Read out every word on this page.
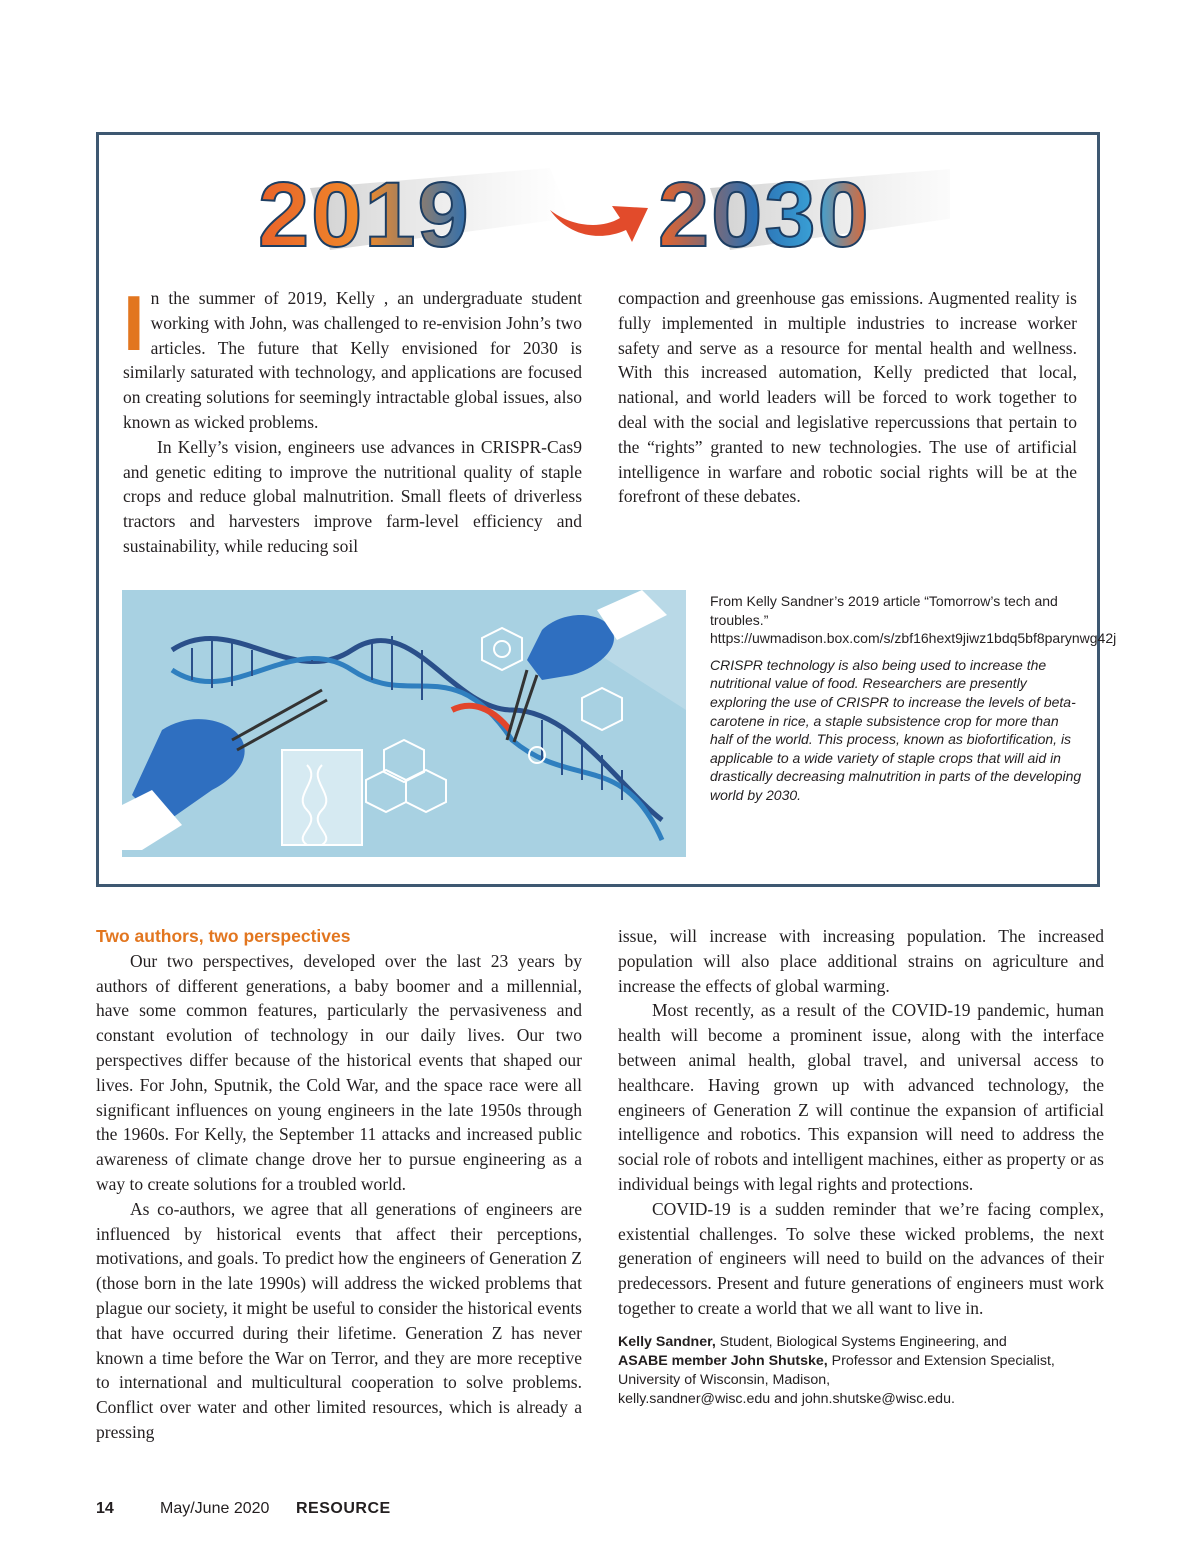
2019 2030

In the summer of 2019, Kelly , an undergraduate student working with John, was challenged to re-envision John’s two articles. The future that Kelly envisioned for 2030 is similarly saturated with technology, and applications are focused on creating solutions for seemingly intractable global issues, also known as wicked problems.

In Kelly’s vision, engineers use advances in CRISPR-Cas9 and genetic editing to improve the nutritional quality of staple crops and reduce global malnutrition. Small fleets of driverless tractors and harvesters improve farm-level efficiency and sustainability, while reducing soil

compaction and greenhouse gas emissions. Augmented reality is fully implemented in multiple industries to increase worker safety and serve as a resource for mental health and wellness. With this increased automation, Kelly predicted that local, national, and world leaders will be forced to work together to deal with the social and legislative repercussions that pertain to the “rights” granted to new technologies. The use of artificial intelligence in warfare and robotic social rights will be at the forefront of these debates.

From Kelly Sandner’s 2019 article “Tomorrow’s tech and troubles.” https://uwmadison.box.com/s/zbf16hext9jiwz1bdq5bf8parynwg42j

CRISPR technology is also being used to increase the nutritional value of food. Researchers are presently exploring the use of CRISPR to increase the levels of beta-carotene in rice, a staple subsistence crop for more than half of the world. This process, known as biofortification, is applicable to a wide variety of staple crops that will aid in drastically decreasing malnutrition in parts of the developing world by 2030.

Two authors, two perspectives

Our two perspectives, developed over the last 23 years by authors of different generations, a baby boomer and a millennial, have some common features, particularly the pervasiveness and constant evolution of technology in our daily lives. Our two perspectives differ because of the historical events that shaped our lives. For John, Sputnik, the Cold War, and the space race were all significant influences on young engineers in the late 1950s through the 1960s. For Kelly, the September 11 attacks and increased public awareness of climate change drove her to pursue engineering as a way to create solutions for a troubled world.

As co-authors, we agree that all generations of engineers are influenced by historical events that affect their perceptions, motivations, and goals. To predict how the engineers of Generation Z (those born in the late 1990s) will address the wicked problems that plague our society, it might be useful to consider the historical events that have occurred during their lifetime. Generation Z has never known a time before the War on Terror, and they are more receptive to international and multicultural cooperation to solve problems. Conflict over water and other limited resources, which is already a pressing

issue, will increase with increasing population. The increased population will also place additional strains on agriculture and increase the effects of global warming.

Most recently, as a result of the COVID-19 pandemic, human health will become a prominent issue, along with the interface between animal health, global travel, and universal access to healthcare. Having grown up with advanced technology, the engineers of Generation Z will continue the expansion of artificial intelligence and robotics. This expansion will need to address the social role of robots and intelligent machines, either as property or as individual beings with legal rights and protections.

COVID-19 is a sudden reminder that we’re facing complex, existential challenges. To solve these wicked problems, the next generation of engineers will need to build on the advances of their predecessors. Present and future generations of engineers must work together to create a world that we all want to live in.

Kelly Sandner, Student, Biological Systems Engineering, and
ASABE member John Shutske, Professor and Extension Specialist, University of Wisconsin, Madison,
kelly.sandner@wisc.edu and john.shutske@wisc.edu.
14	May/June 2020 RESOURCE
